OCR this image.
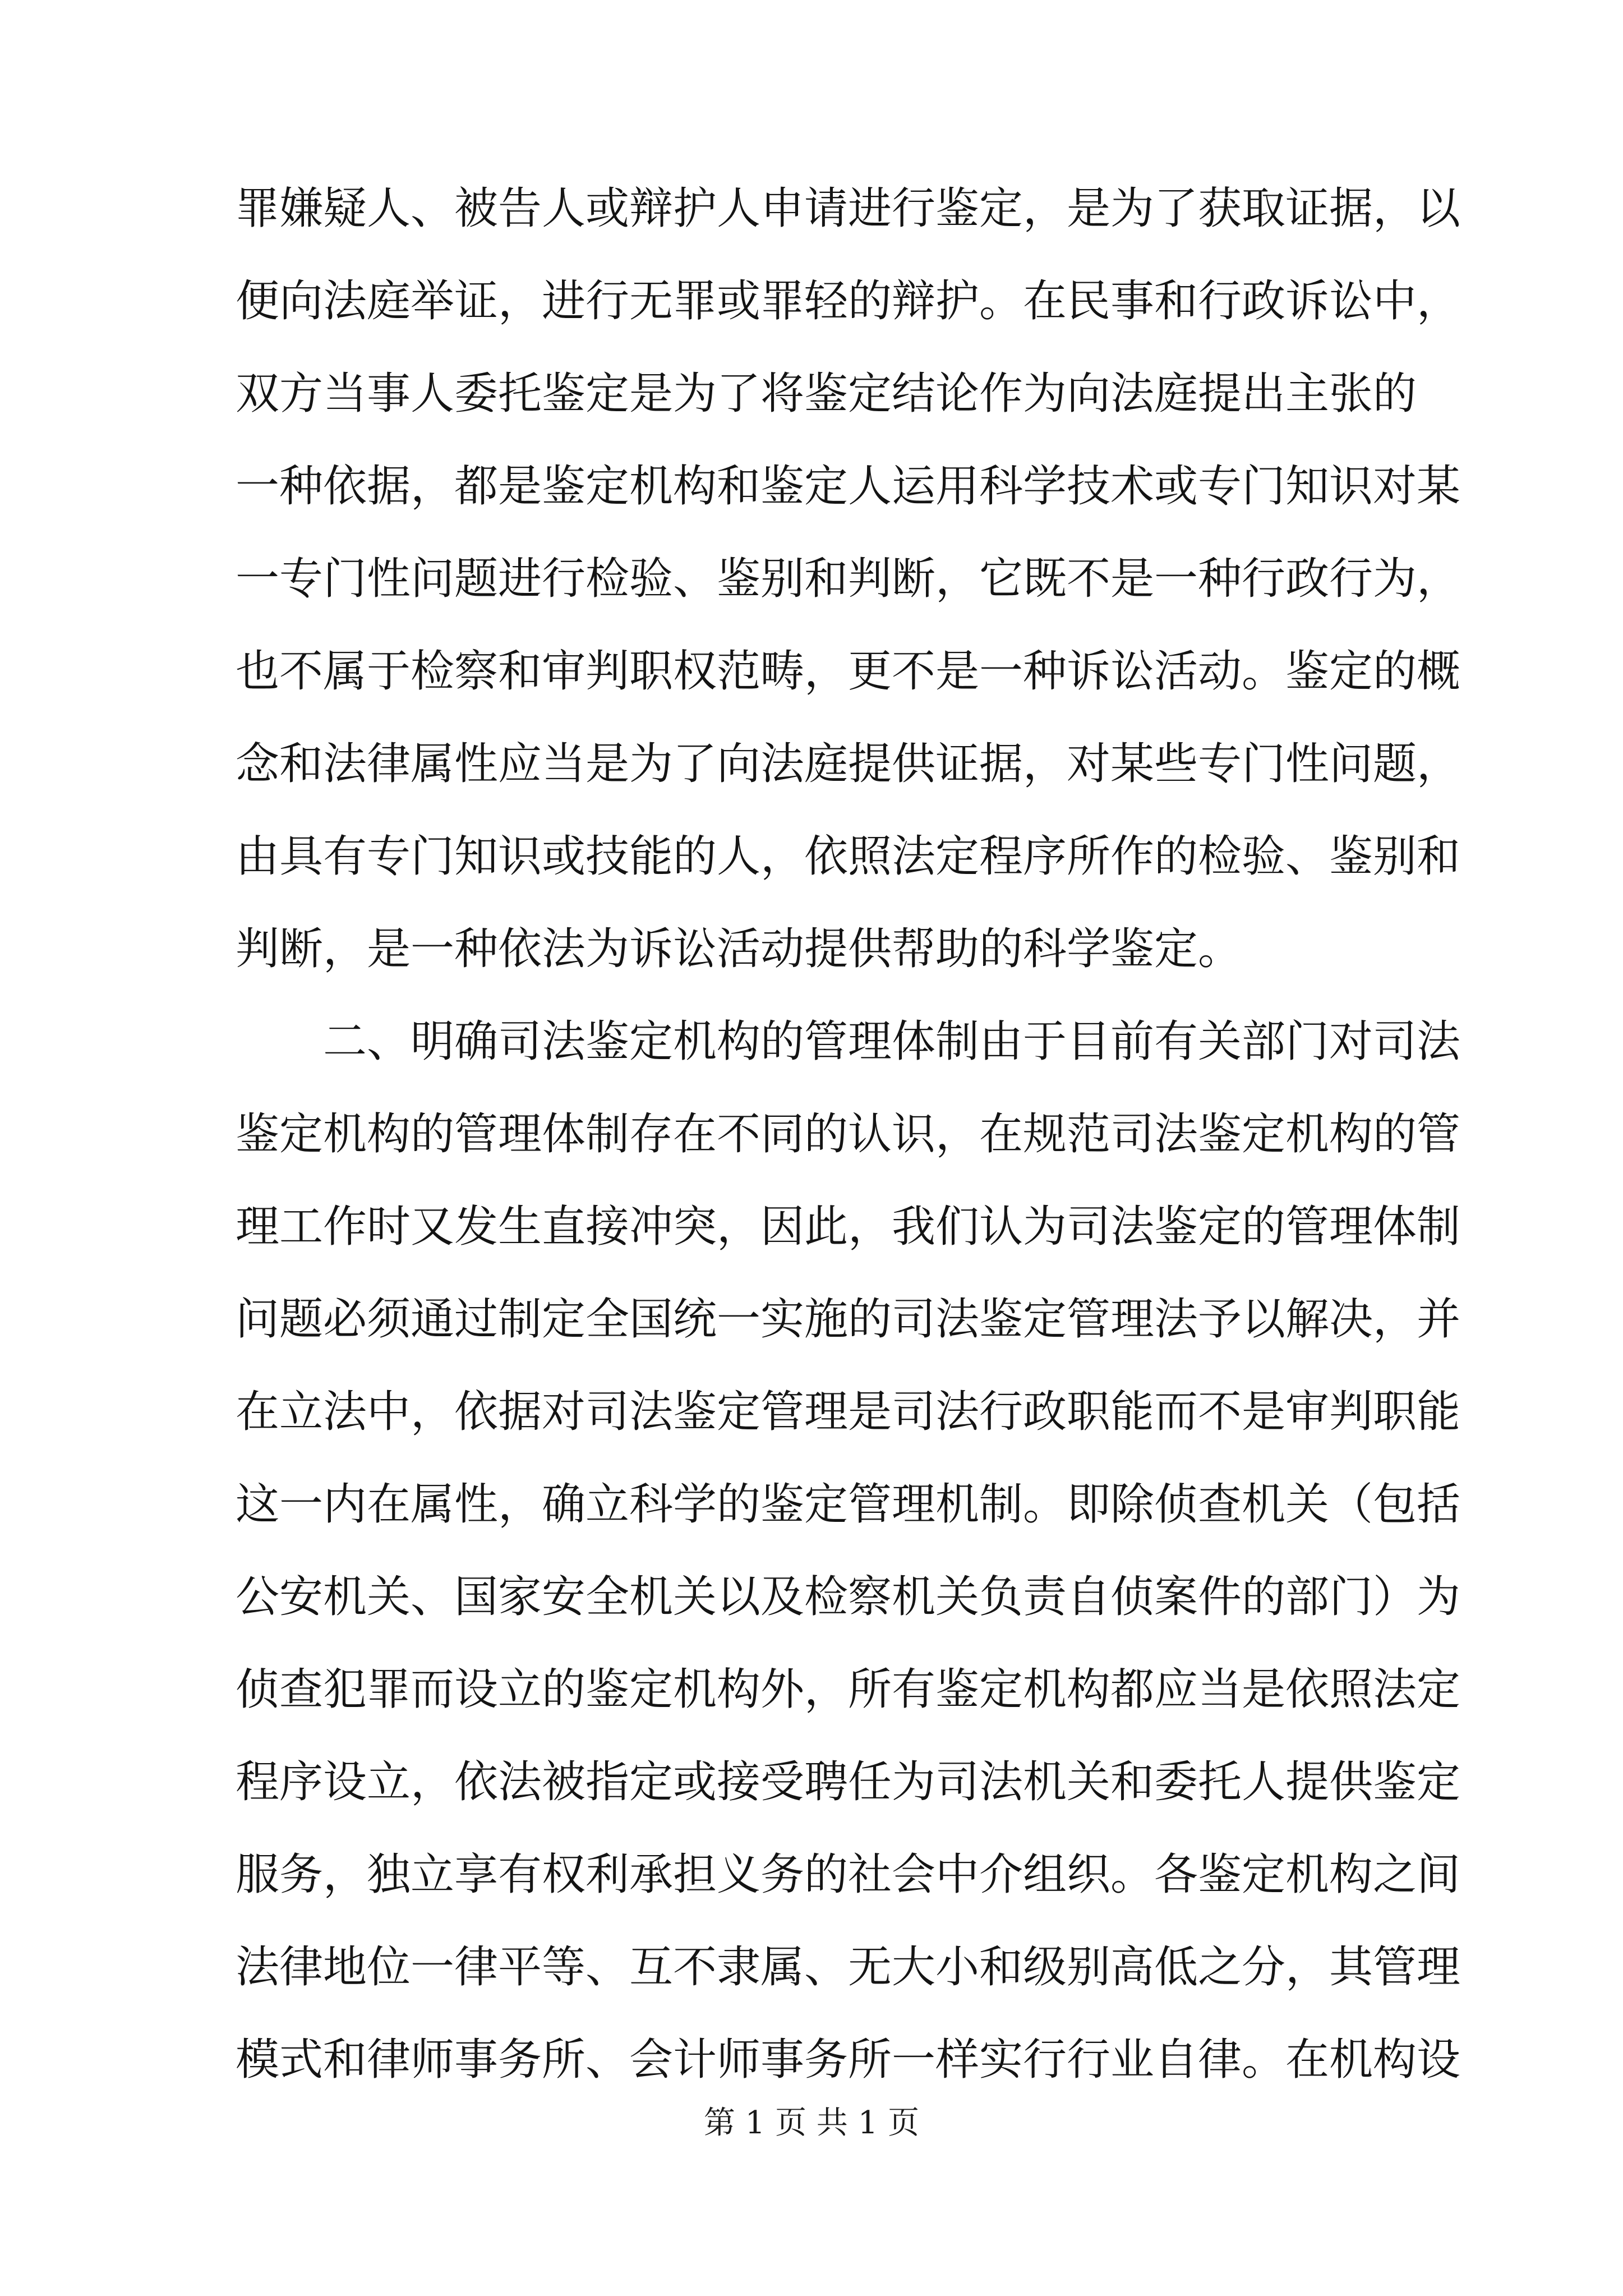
罪嫌疑人、被告人或辩护人申请进行鉴定，是为了获取证据，以
便向法庭举证，进行无罪或罪轻的辩护。在民事和行政诉讼中，
双方当事人委托鉴定是为了将鉴定结论作为向法庭提出主张的
一种依据，都是鉴定机构和鉴定人运用科学技术或专门知识对某
一专门性问题进行检验、鉴别和判断，它既不是一种行政行为，
也不属于检察和审判职权范畴，更不是一种诉讼活动。鉴定的概
念和法律属性应当是为了向法庭提供证据，对某些专门性问题，
由具有专门知识或技能的人，依照法定程序所作的检验、鉴别和
判断，是一种依法为诉讼活动提供帮助的科学鉴定。
二、明确司法鉴定机构的管理体制由于目前有关部门对司法
鉴定机构的管理体制存在不同的认识，在规范司法鉴定机构的管
理工作时又发生直接冲突，因此，我们认为司法鉴定的管理体制
问题必须通过制定全国统一实施的司法鉴定管理法予以解决，并
在立法中，依据对司法鉴定管理是司法行政职能而不是审判职能
这一内在属性，确立科学的鉴定管理机制。即除侦查机关（包括
公安机关、国家安全机关以及检察机关负责自侦案件的部门）为
侦查犯罪而设立的鉴定机构外，所有鉴定机构都应当是依照法定
程序设立，依法被指定或接受聘任为司法机关和委托人提供鉴定
服务，独立享有权利承担义务的社会中介组织。各鉴定机构之间
法律地位一律平等、互不隶属、无大小和级别高低之分，其管理
模式和律师事务所、会计师事务所一样实行行业自律。在机构设
第 1 页 共 1 页
